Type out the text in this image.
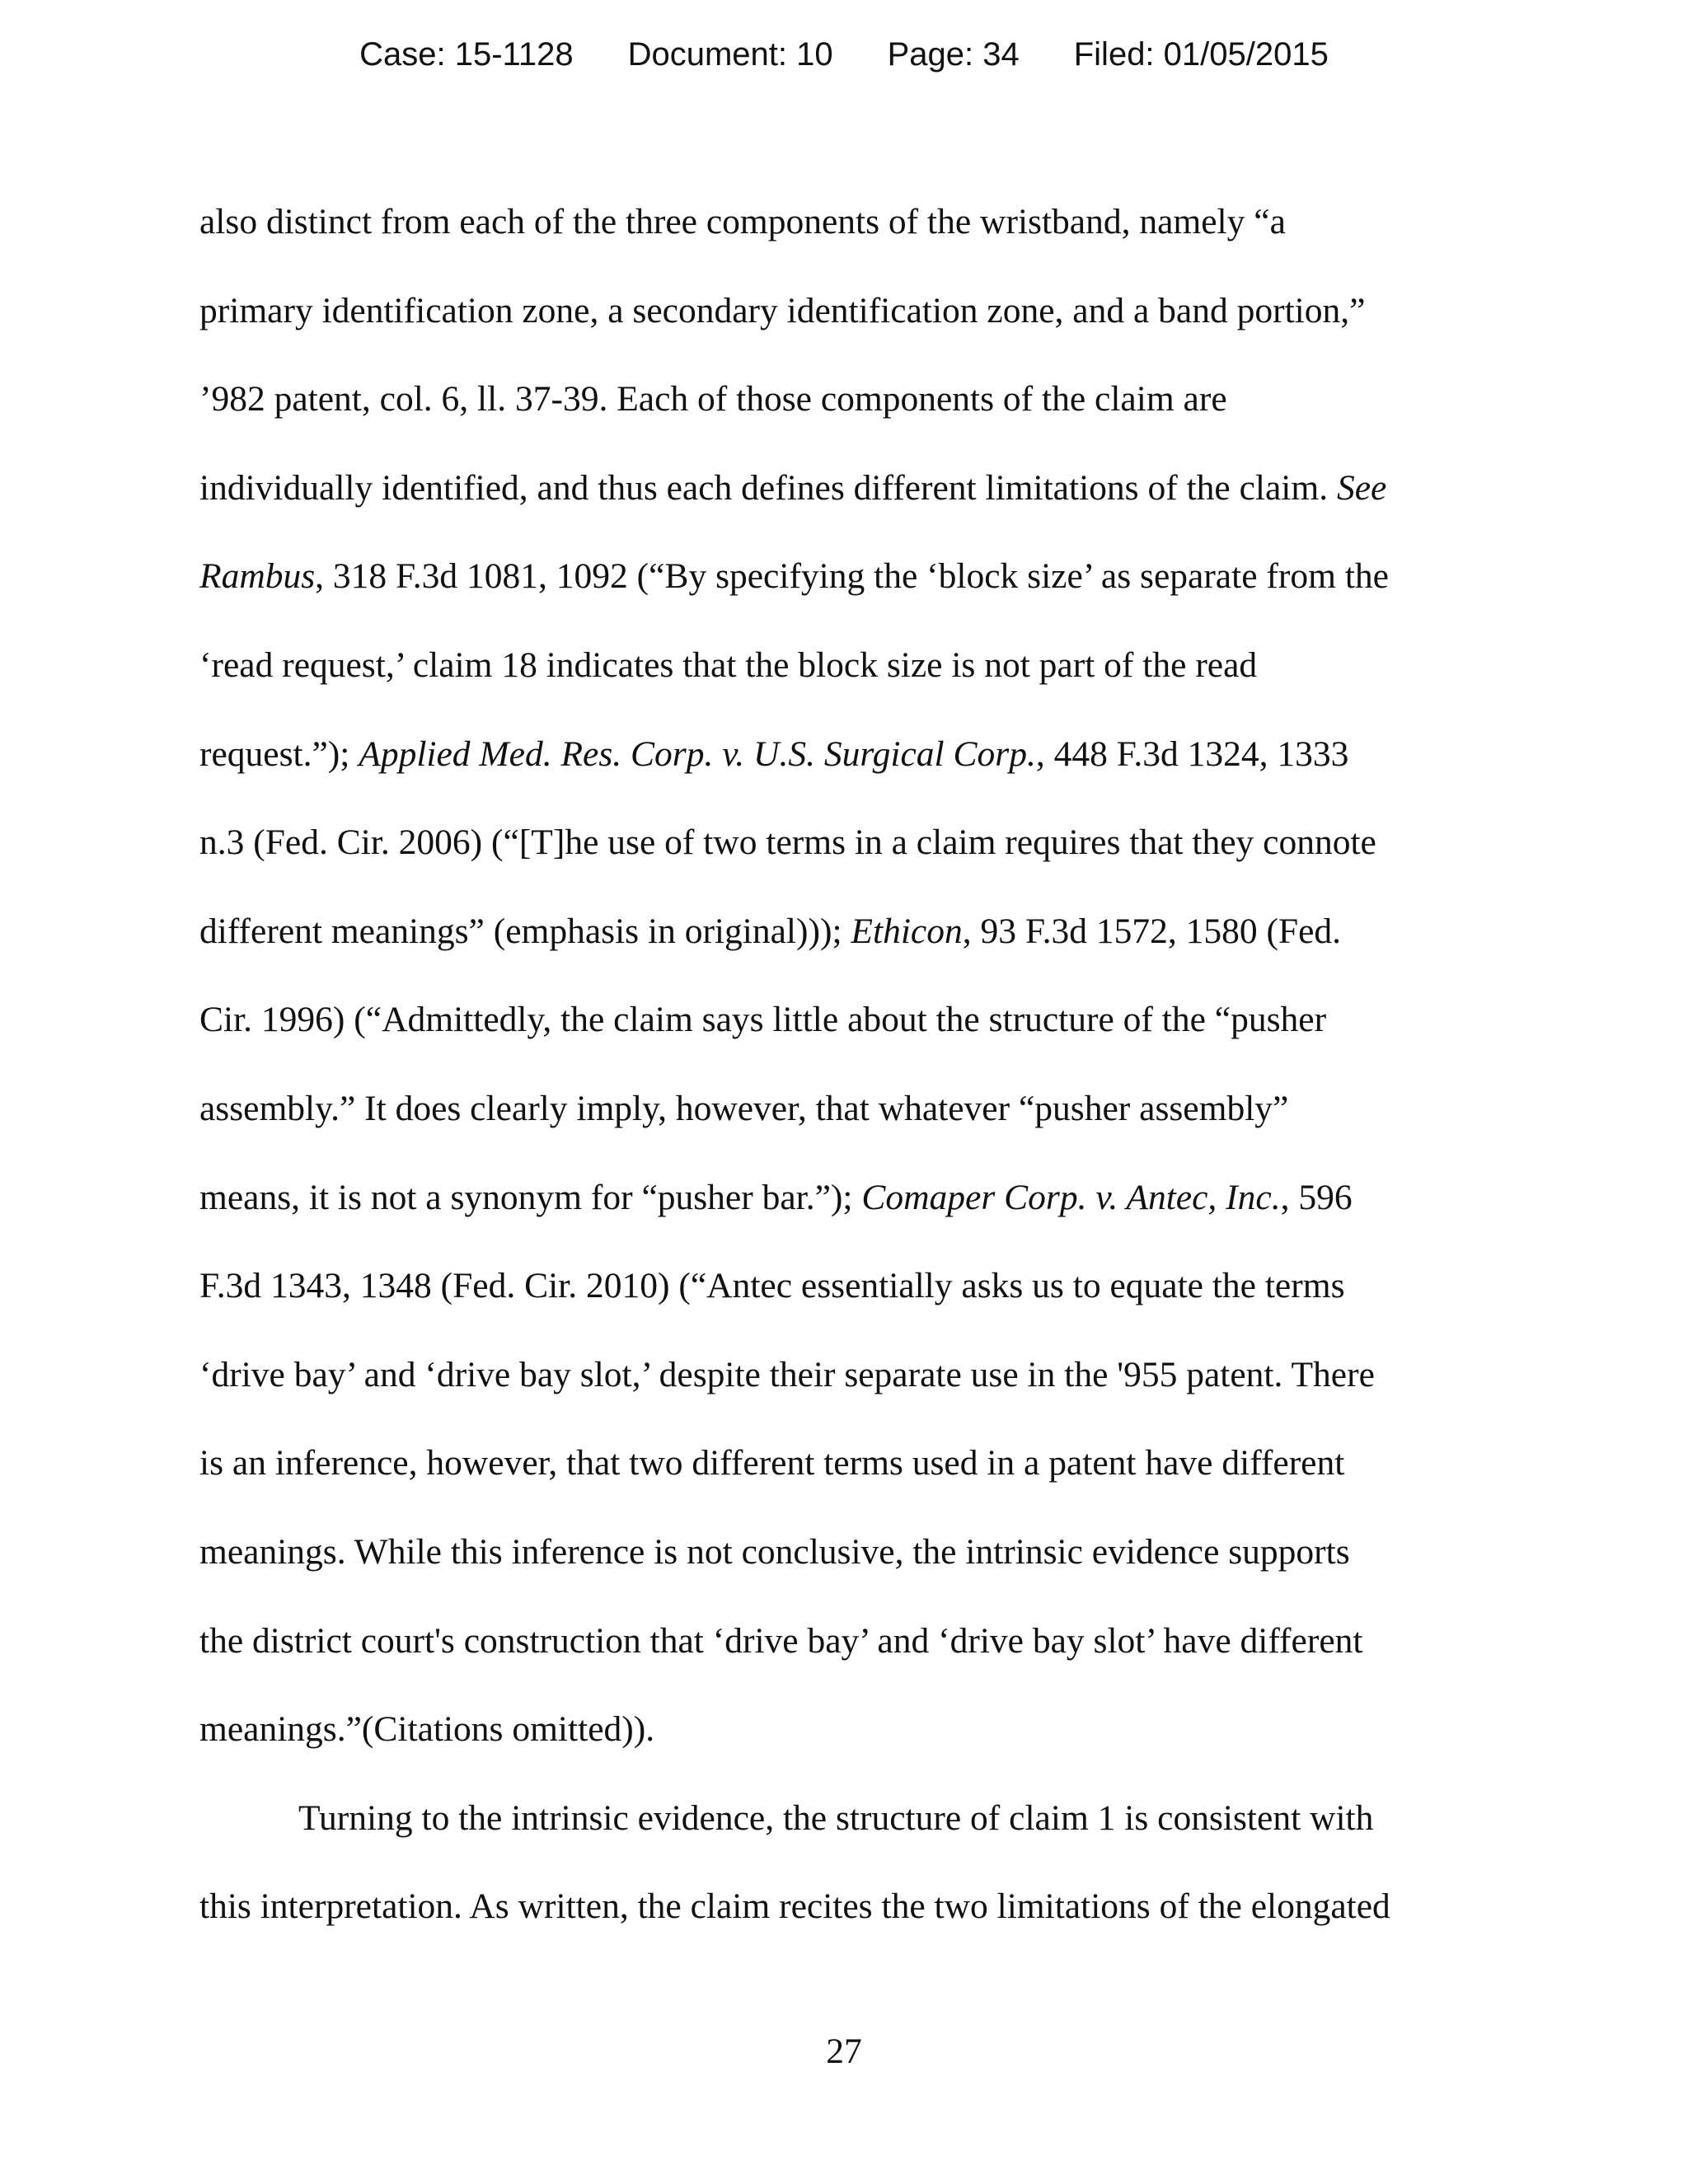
Case: 15-1128 Document: 10 Page: 34 Filed: 01/05/2015
also distinct from each of the three components of the wristband, namely “a
primary identification zone, a secondary identification zone, and a band portion,”
’982 patent, col. 6, ll. 37-39. Each of those components of the claim are
individually identified, and thus each defines different limitations of the claim. See
Rambus, 318 F.3d 1081, 1092 (“By specifying the ‘block size’ as separate from the
‘read request,’ claim 18 indicates that the block size is not part of the read
request.”); Applied Med. Res. Corp. v. U.S. Surgical Corp., 448 F.3d 1324, 1333
n.3 (Fed. Cir. 2006) (“[T]he use of two terms in a claim requires that they connote
different meanings” (emphasis in original))); Ethicon, 93 F.3d 1572, 1580 (Fed.
Cir. 1996) (“Admittedly, the claim says little about the structure of the “pusher
assembly.” It does clearly imply, however, that whatever “pusher assembly”
means, it is not a synonym for “pusher bar.”); Comaper Corp. v. Antec, Inc., 596
F.3d 1343, 1348 (Fed. Cir. 2010) (“Antec essentially asks us to equate the terms
‘drive bay’ and ‘drive bay slot,’ despite their separate use in the '955 patent. There
is an inference, however, that two different terms used in a patent have different
meanings. While this inference is not conclusive, the intrinsic evidence supports
the district court's construction that ‘drive bay’ and ‘drive bay slot’ have different
meanings.”(Citations omitted)).
Turning to the intrinsic evidence, the structure of claim 1 is consistent with
this interpretation. As written, the claim recites the two limitations of the elongated
27
